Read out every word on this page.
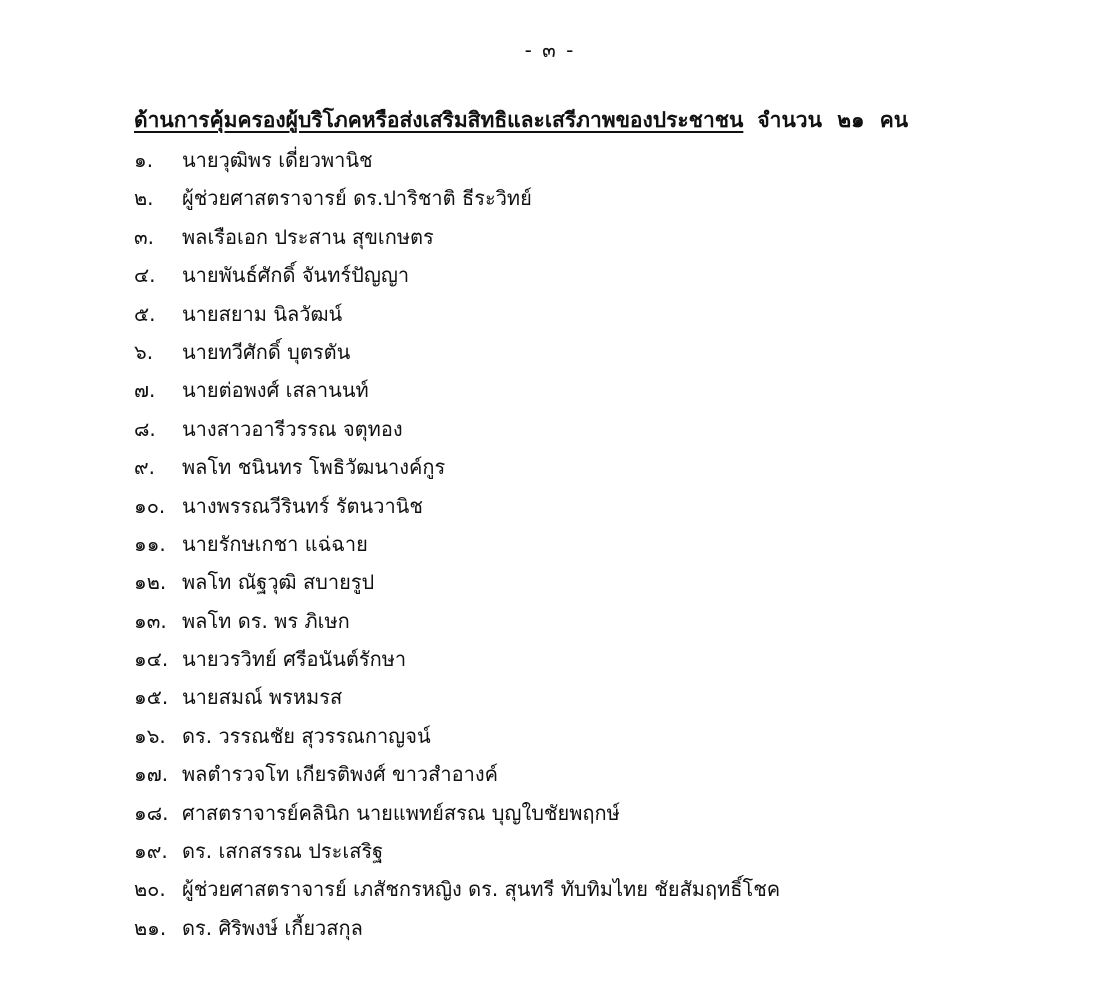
- ๓ -
ด้านการคุ้มครองผู้บริโภคหรือส่งเสริมสิทธิและเสรีภาพของประชาชน จำนวน ๒๑ คน
๑. นายวุฒิพร เดี่ยวพานิช
๒. ผู้ช่วยศาสตราจารย์ ดร.ปาริชาติ ธีระวิทย์
๓. พลเรือเอก ประสาน สุขเกษตร
๔. นายพันธ์ศักดิ์ จันทร์ปัญญา
๕. นายสยาม นิลวัฒน์
๖. นายทวีศักดิ์ บุตรตัน
๗. นายต่อพงศ์ เสลานนท์
๘. นางสาวอารีวรรณ จตุทอง
๙. พลโท ชนินทร โพธิวัฒนางค์กูร
๑๐. นางพรรณวีรินทร์ รัตนวานิช
๑๑. นายรักษเกชา แฉ่ฉาย
๑๒. พลโท ณัฐวุฒิ สบายรูป
๑๓. พลโท ดร. พร ภิเษก
๑๔. นายวรวิทย์ ศรีอนันต์รักษา
๑๕. นายสมณ์ พรหมรส
๑๖. ดร. วรรณชัย สุวรรณกาญจน์
๑๗. พลตำรวจโท เกียรติพงศ์ ขาวสำอางค์
๑๘. ศาสตราจารย์คลินิก นายแพทย์สรณ บุญใบชัยพฤกษ์
๑๙. ดร. เสกสรรณ ประเสริฐ
๒๐. ผู้ช่วยศาสตราจารย์ เภสัชกรหญิง ดร. สุนทรี ทับทิมไทย ชัยสัมฤทธิ์โชค
๒๑. ดร. ศิริพงษ์ เกี้ยวสกุล
